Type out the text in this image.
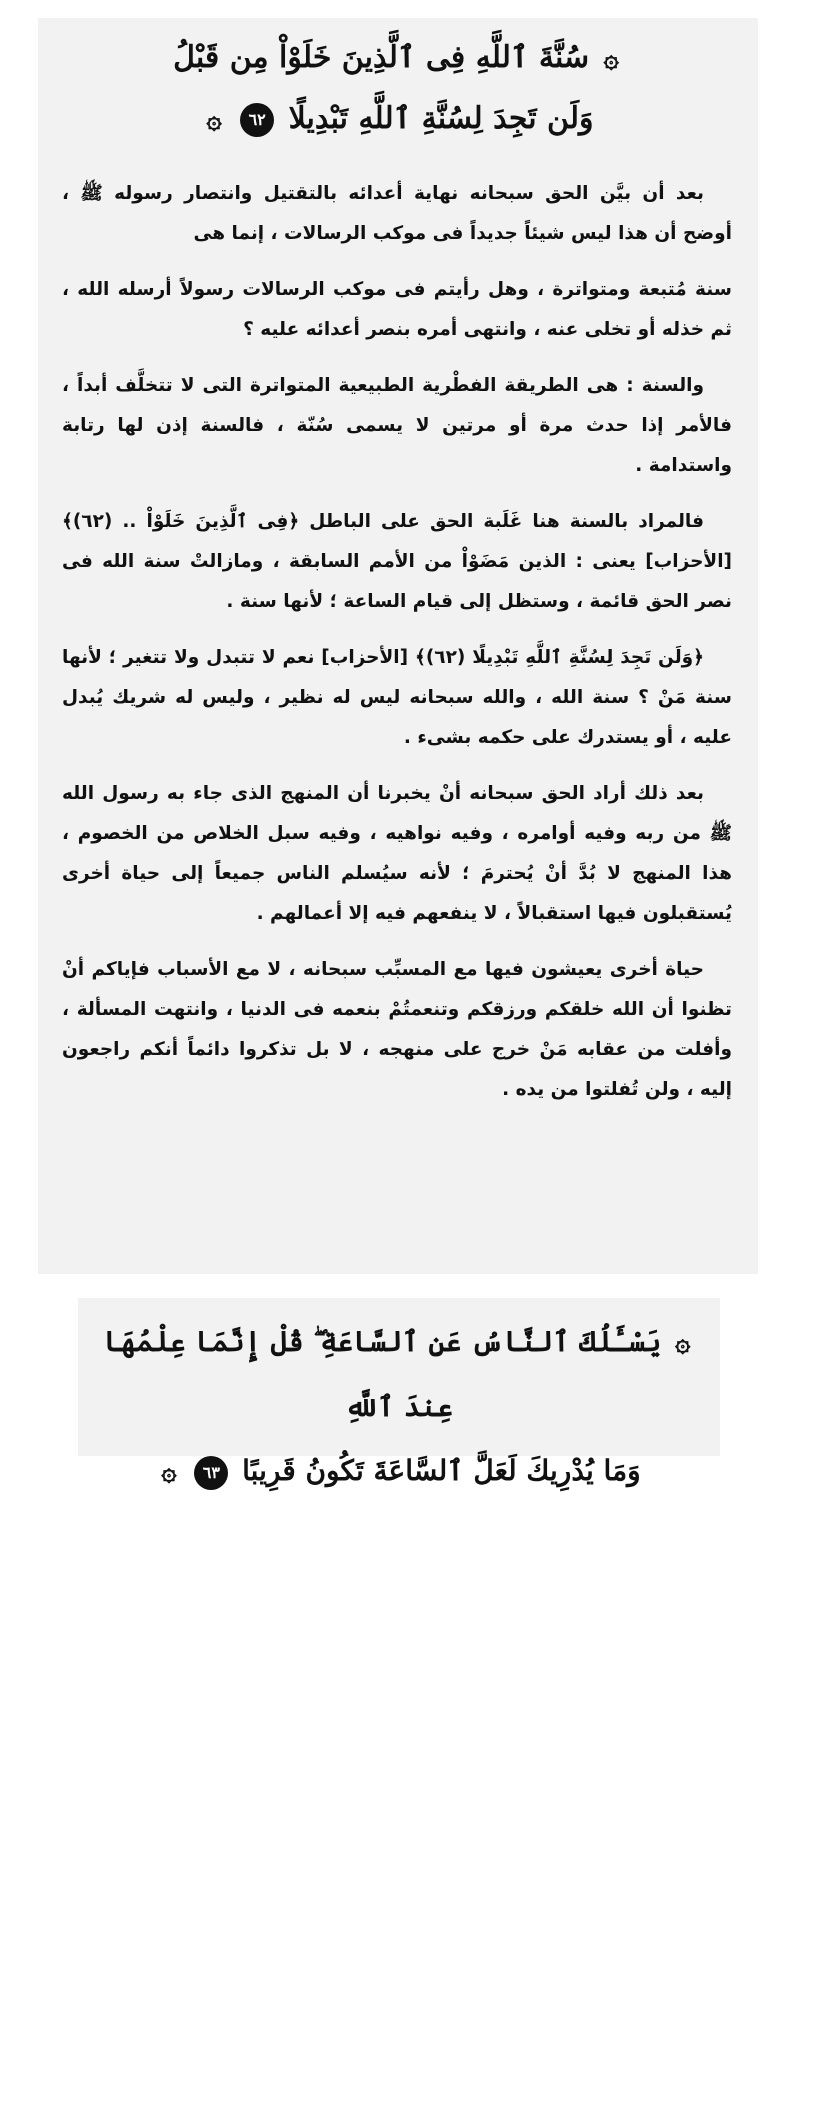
۞ سُنَّةَ ٱللَّهِ فِى ٱلَّذِينَ خَلَوْاْ مِن قَبْلُ
وَلَن تَجِدَ لِسُنَّةِ ٱللَّهِ تَبْدِيلًا ٦٢ ۞

بعد أن بيَّن الحق سبحانه نهاية أعدائه بالتقتيل وانتصار رسوله ﷺ ، أوضح أن هذا ليس شيئاً جديداً فى موكب الرسالات ، إنما هى

سنة مُتبعة ومتواترة ، وهل رأيتم فى موكب الرسالات رسولاً أرسله الله ، ثم خذله أو تخلى عنه ، وانتهى أمره بنصر أعدائه عليه ؟

والسنة : هى الطريقة الفطْرية الطبيعية المتواترة التى لا تتخلَّف أبداً ، فالأمر إذا حدث مرة أو مرتين لا يسمى سُنّة ، فالسنة إذن لها رتابة واستدامة .

فالمراد بالسنة هنا غَلَبة الحق على الباطل ﴿فِى ٱلَّذِينَ خَلَوْاْ .. (٦٢)﴾ [الأحزاب] يعنى : الذين مَضَوْاْ من الأمم السابقة ، ومازالتْ سنة الله فى نصر الحق قائمة ، وستظل إلى قيام الساعة ؛ لأنها سنة .

﴿وَلَن تَجِدَ لِسُنَّةِ ٱللَّهِ تَبْدِيلًا (٦٢)﴾ [الأحزاب] نعم لا تتبدل ولا تتغير ؛ لأنها سنة مَنْ ؟ سنة الله ، والله سبحانه ليس له نظير ، وليس له شريك يُبدل عليه ، أو يستدرك على حكمه بشىء .

بعد ذلك أراد الحق سبحانه أنْ يخبرنا أن المنهج الذى جاء به رسول الله ﷺ من ربه وفيه أوامره ، وفيه نواهيه ، وفيه سبل الخلاص من الخصوم ، هذا المنهج لا بُدَّ أنْ يُحترمَ ؛ لأنه سيُسلم الناس جميعاً إلى حياة أخرى يُستقبلون فيها استقبالاً ، لا ينفعهم فيه إلا أعمالهم .

حياة أخرى يعيشون فيها مع المسبِّب سبحانه ، لا مع الأسباب فإياكم أنْ تظنوا أن الله خلقكم ورزقكم وتنعمتُمْ بنعمه فى الدنيا ، وانتهت المسألة ، وأفلت من عقابه مَنْ خرج على منهجه ، لا بل تذكروا دائماً أنكم راجعون إليه ، ولن تُفلتوا من يده .

۞ يَسْـَٔلُكَ ٱلنَّاسُ عَنِ ٱلسَّاعَةِ ۖ قُلْ إِنَّمَا عِلْمُهَا عِندَ ٱللَّهِ
وَمَا يُدْرِيكَ لَعَلَّ ٱلسَّاعَةَ تَكُونُ قَرِيبًا ٦٣ ۞
